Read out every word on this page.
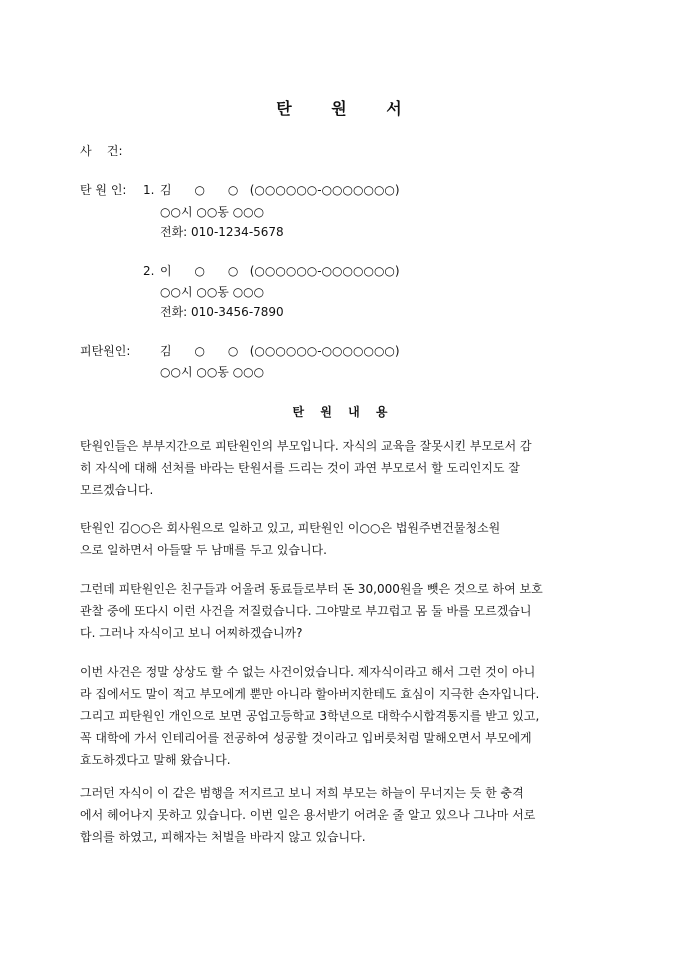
탄 원 서
사    건:
탄 원 인: 1. 김      ○      ○   (○○○○○○-○○○○○○○)
○○시 ○○동 ○○○
전화: 010-1234-5678
2. 이      ○      ○   (○○○○○○-○○○○○○○)
○○시 ○○동 ○○○
전화: 010-3456-7890
피탄원인: 김      ○      ○   (○○○○○○-○○○○○○○)
○○시 ○○동 ○○○
탄 원 내 용
탄원인들은 부부지간으로 피탄원인의 부모입니다. 자식의 교육을 잘못시킨 부모로서 감
히 자식에 대해 선처를 바라는 탄원서를 드리는 것이 과연 부모로서 할 도리인지도 잘
모르겠습니다.
탄원인 김○○은 회사원으로 일하고 있고, 피탄원인 이○○은 법원주변건물청소원
으로 일하면서 아들딸 두 남매를 두고 있습니다.
그런데 피탄원인은 친구들과 어울려 동료들로부터 돈 30,000원을 뺏은 것으로 하여 보호
관찰 중에 또다시 이런 사건을 저질렀습니다. 그야말로 부끄럽고 몸 둘 바를 모르겠습니
다. 그러나 자식이고 보니 어찌하겠습니까?
이번 사건은 정말 상상도 할 수 없는 사건이었습니다. 제자식이라고 해서 그런 것이 아니
라 집에서도 말이 적고 부모에게 뿐만 아니라 할아버지한테도 효심이 지극한 손자입니다.
그리고 피탄원인 개인으로 보면 공업고등학교 3학년으로 대학수시합격통지를 받고 있고,
꼭 대학에 가서 인테리어를 전공하여 성공할 것이라고 입버릇처럼 말해오면서 부모에게
효도하겠다고 말해 왔습니다.
그러던 자식이 이 같은 범행을 저지르고 보니 저희 부모는 하늘이 무너지는 듯 한 충격
에서 헤어나지 못하고 있습니다. 이번 일은 용서받기 어려운 줄 알고 있으나 그나마 서로
합의를 하였고, 피해자는 처벌을 바라지 않고 있습니다.
